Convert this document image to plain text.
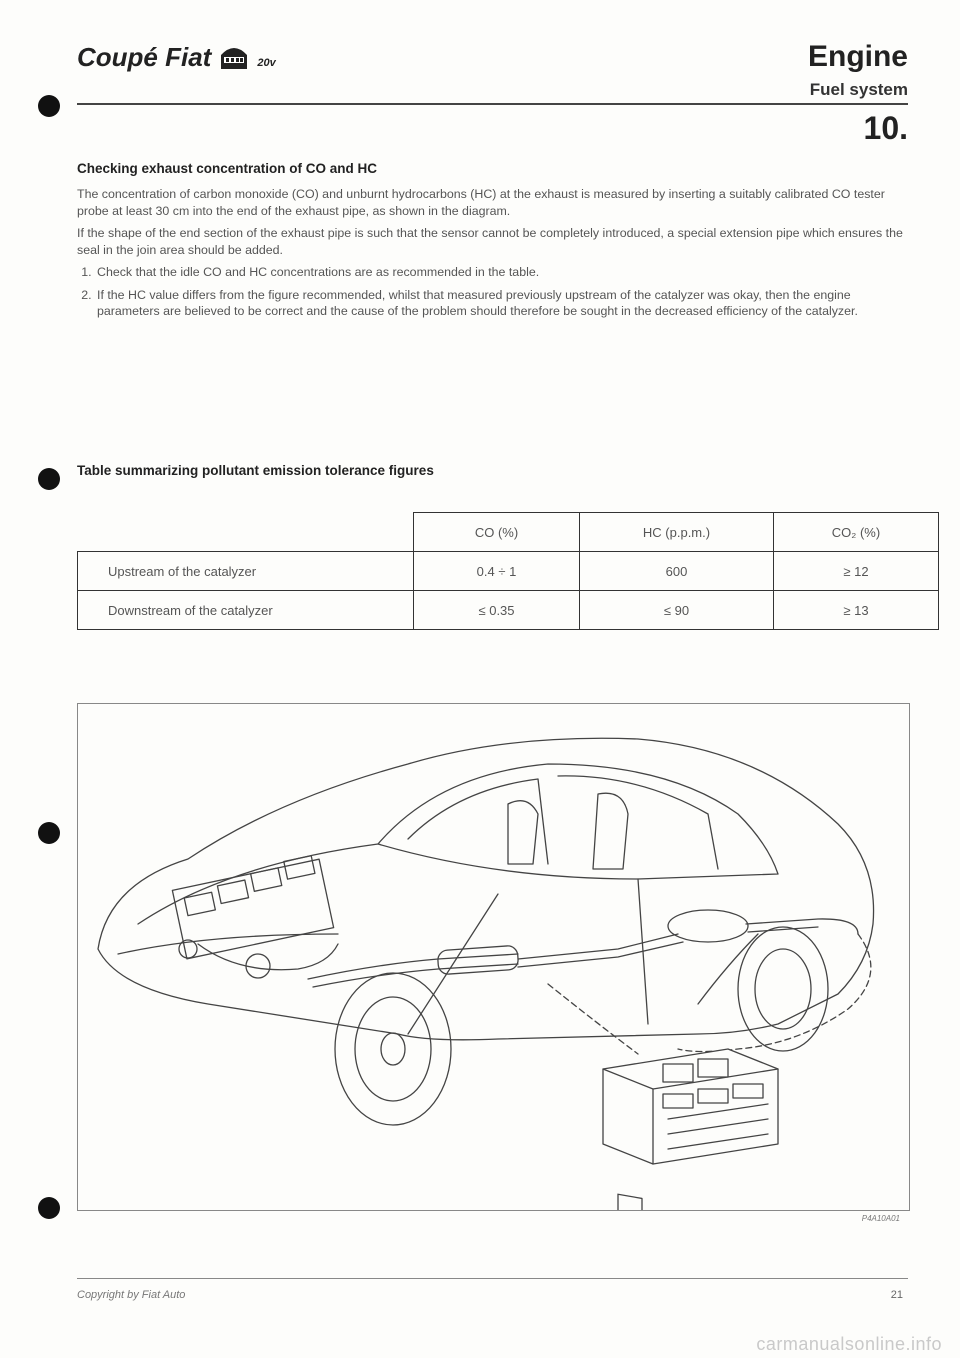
Coupé Fiat	20v	Engine
Fuel system
10.
Checking exhaust concentration of CO and HC

The concentration of carbon monoxide (CO) and unburnt hydrocarbons (HC) at the exhaust is measured by inserting a suitably calibrated CO tester probe at least 30 cm into the end of the exhaust pipe, as shown in the diagram.

If the shape of the end section of the exhaust pipe is such that the sensor cannot be completely introduced, a special extension pipe which ensures the seal in the join area should be added.

1. Check that the idle CO and HC concentrations are as recommended in the table.
2. If the HC value differs from the figure recommended, whilst that measured previously upstream of the catalyzer was okay, then the engine parameters are believed to be correct and the cause of the problem should therefore be sought in the decreased efficiency of the catalyzer.
Table summarizing pollutant emission tolerance figures
	CO (%)	HC (p.p.m.)	CO₂ (%)
Upstream of the catalyzer	0.4 ÷ 1	600	≥ 12
Downstream of the catalyzer	≤ 0.35	≤ 90	≥ 13
P4A10A01
Copyright by Fiat Auto	21
carmanualsonline.info
